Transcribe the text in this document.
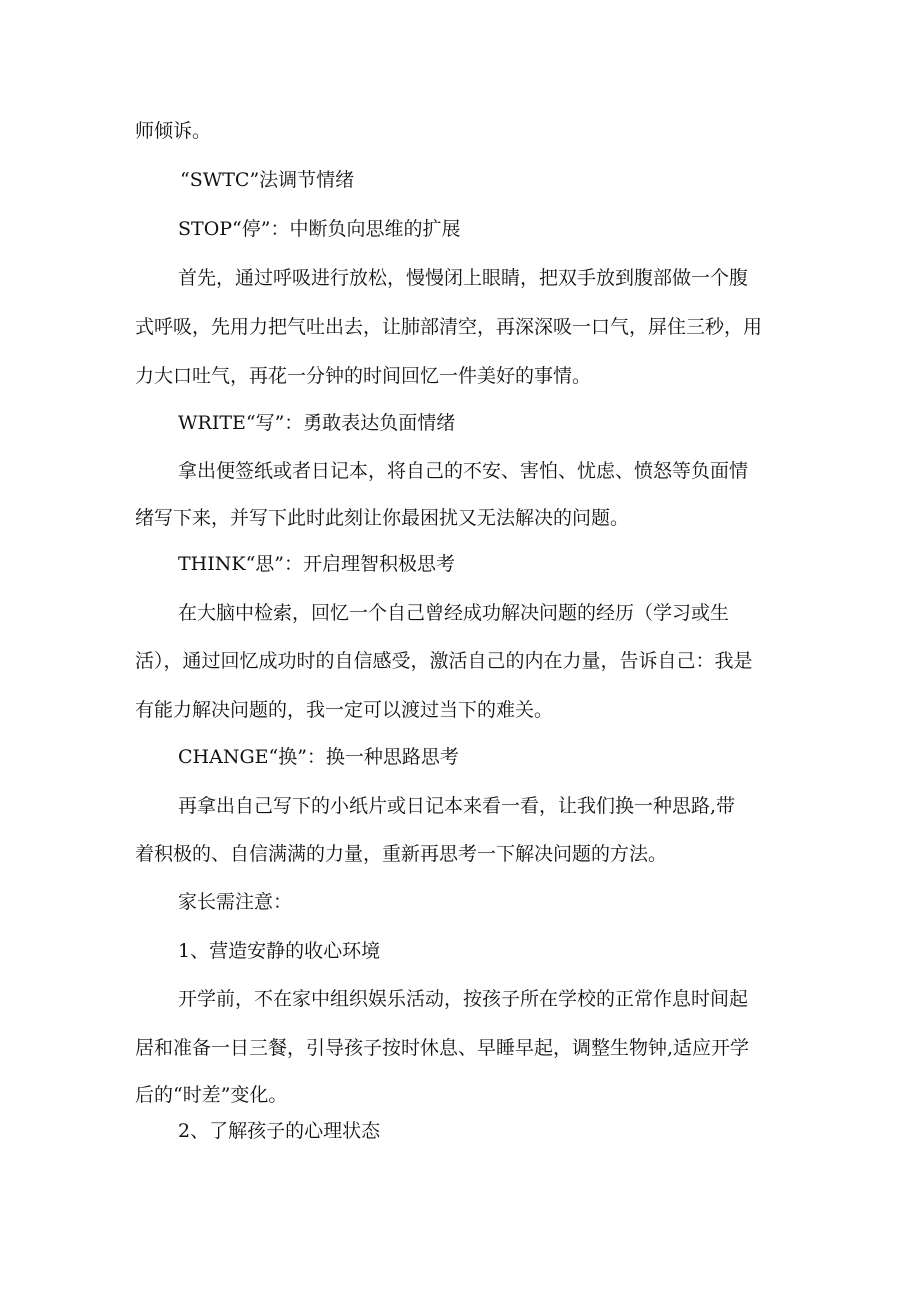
师倾诉。

“SWTC”法调节情绪

STOP“停”：中断负向思维的扩展

首先，通过呼吸进行放松，慢慢闭上眼睛，把双手放到腹部做一个腹

式呼吸，先用力把气吐出去，让肺部清空，再深深吸一口气，屏住三秒，用

力大口吐气，再花一分钟的时间回忆一件美好的事情。

WRITE“写”：勇敢表达负面情绪

拿出便签纸或者日记本，将自己的不安、害怕、忧虑、愤怒等负面情

绪写下来，并写下此时此刻让你最困扰又无法解决的问题。

THINK“思”：开启理智积极思考

在大脑中检索，回忆一个自己曾经成功解决问题的经历（学习或生

活），通过回忆成功时的自信感受，激活自己的内在力量，告诉自己：我是

有能力解决问题的，我一定可以渡过当下的难关。

CHANGE“换”：换一种思路思考

再拿出自己写下的小纸片或日记本来看一看，让我们换一种思路,带

着积极的、自信满满的力量，重新再思考一下解决问题的方法。

家长需注意：

1、营造安静的收心环境

开学前，不在家中组织娱乐活动，按孩子所在学校的正常作息时间起

居和准备一日三餐，引导孩子按时休息、早睡早起，调整生物钟,适应开学

后的“时差”变化。

2、了解孩子的心理状态
